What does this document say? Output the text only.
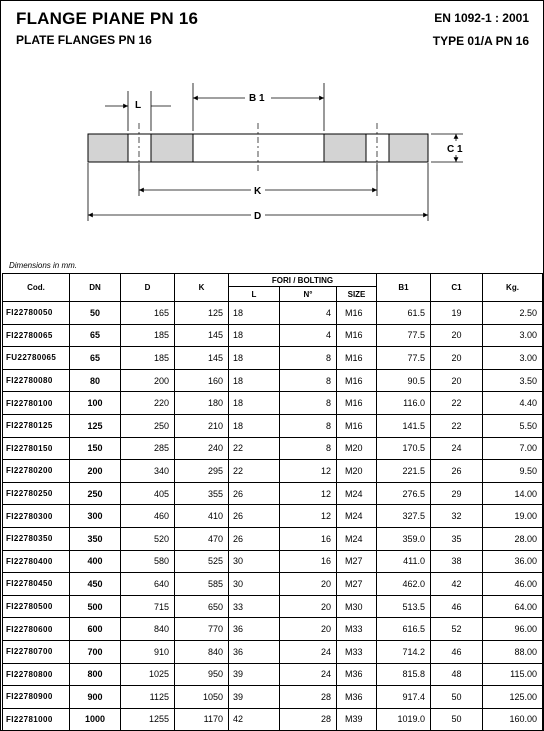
FLANGE PIANE PN 16
PLATE FLANGES PN 16
EN 1092-1 : 2001
TYPE 01/A PN 16
L
B 1
C 1
K
D
Dimensions in mm.
Cod.	DN	D	K	FORI / BOLTING			B1	C1	Kg.
				L	N°	SIZE			
FI22780050	50	165	125	18	4	M16	61.5	19	2.50
FI22780065	65	185	145	18	4	M16	77.5	20	3.00
FU22780065	65	185	145	18	8	M16	77.5	20	3.00
FI22780080	80	200	160	18	8	M16	90.5	20	3.50
FI22780100	100	220	180	18	8	M16	116.0	22	4.40
FI22780125	125	250	210	18	8	M16	141.5	22	5.50
FI22780150	150	285	240	22	8	M20	170.5	24	7.00
FI22780200	200	340	295	22	12	M20	221.5	26	9.50
FI22780250	250	405	355	26	12	M24	276.5	29	14.00
FI22780300	300	460	410	26	12	M24	327.5	32	19.00
FI22780350	350	520	470	26	16	M24	359.0	35	28.00
FI22780400	400	580	525	30	16	M27	411.0	38	36.00
FI22780450	450	640	585	30	20	M27	462.0	42	46.00
FI22780500	500	715	650	33	20	M30	513.5	46	64.00
FI22780600	600	840	770	36	20	M33	616.5	52	96.00
FI22780700	700	910	840	36	24	M33	714.2	46	88.00
FI22780800	800	1025	950	39	24	M36	815.8	48	115.00
FI22780900	900	1125	1050	39	28	M36	917.4	50	125.00
FI22781000	1000	1255	1170	42	28	M39	1019.0	50	160.00
